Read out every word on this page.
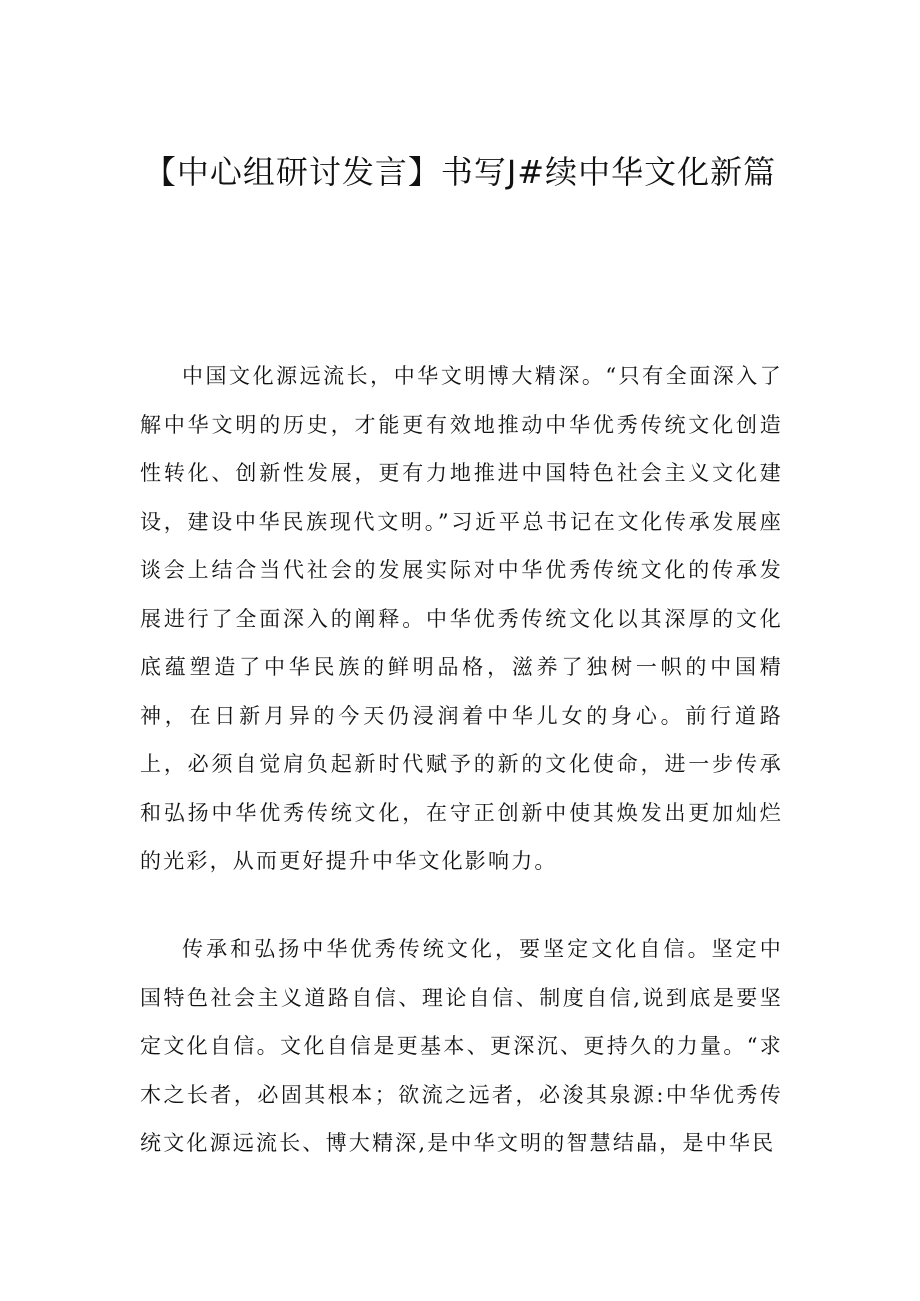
【中心组研讨发言】书写J#续中华文化新篇

中国文化源远流长，中华文明博大精深。“只有全面深入了解中华文明的历史，才能更有效地推动中华优秀传统文化创造性转化、创新性发展，更有力地推进中国特色社会主义文化建设，建设中华民族现代文明。”习近平总书记在文化传承发展座谈会上结合当代社会的发展实际对中华优秀传统文化的传承发展进行了全面深入的阐释。中华优秀传统文化以其深厚的文化底蕴塑造了中华民族的鲜明品格，滋养了独树一帜的中国精神，在日新月异的今天仍浸润着中华儿女的身心。前行道路上，必须自觉肩负起新时代赋予的新的文化使命，进一步传承和弘扬中华优秀传统文化，在守正创新中使其焕发出更加灿烂的光彩，从而更好提升中华文化影响力。

传承和弘扬中华优秀传统文化，要坚定文化自信。坚定中国特色社会主义道路自信、理论自信、制度自信,说到底是要坚定文化自信。文化自信是更基本、更深沉、更持久的力量。“求木之长者，必固其根本；欲流之远者，必浚其泉源:中华优秀传统文化源远流长、博大精深,是中华文明的智慧结晶，是中华民
